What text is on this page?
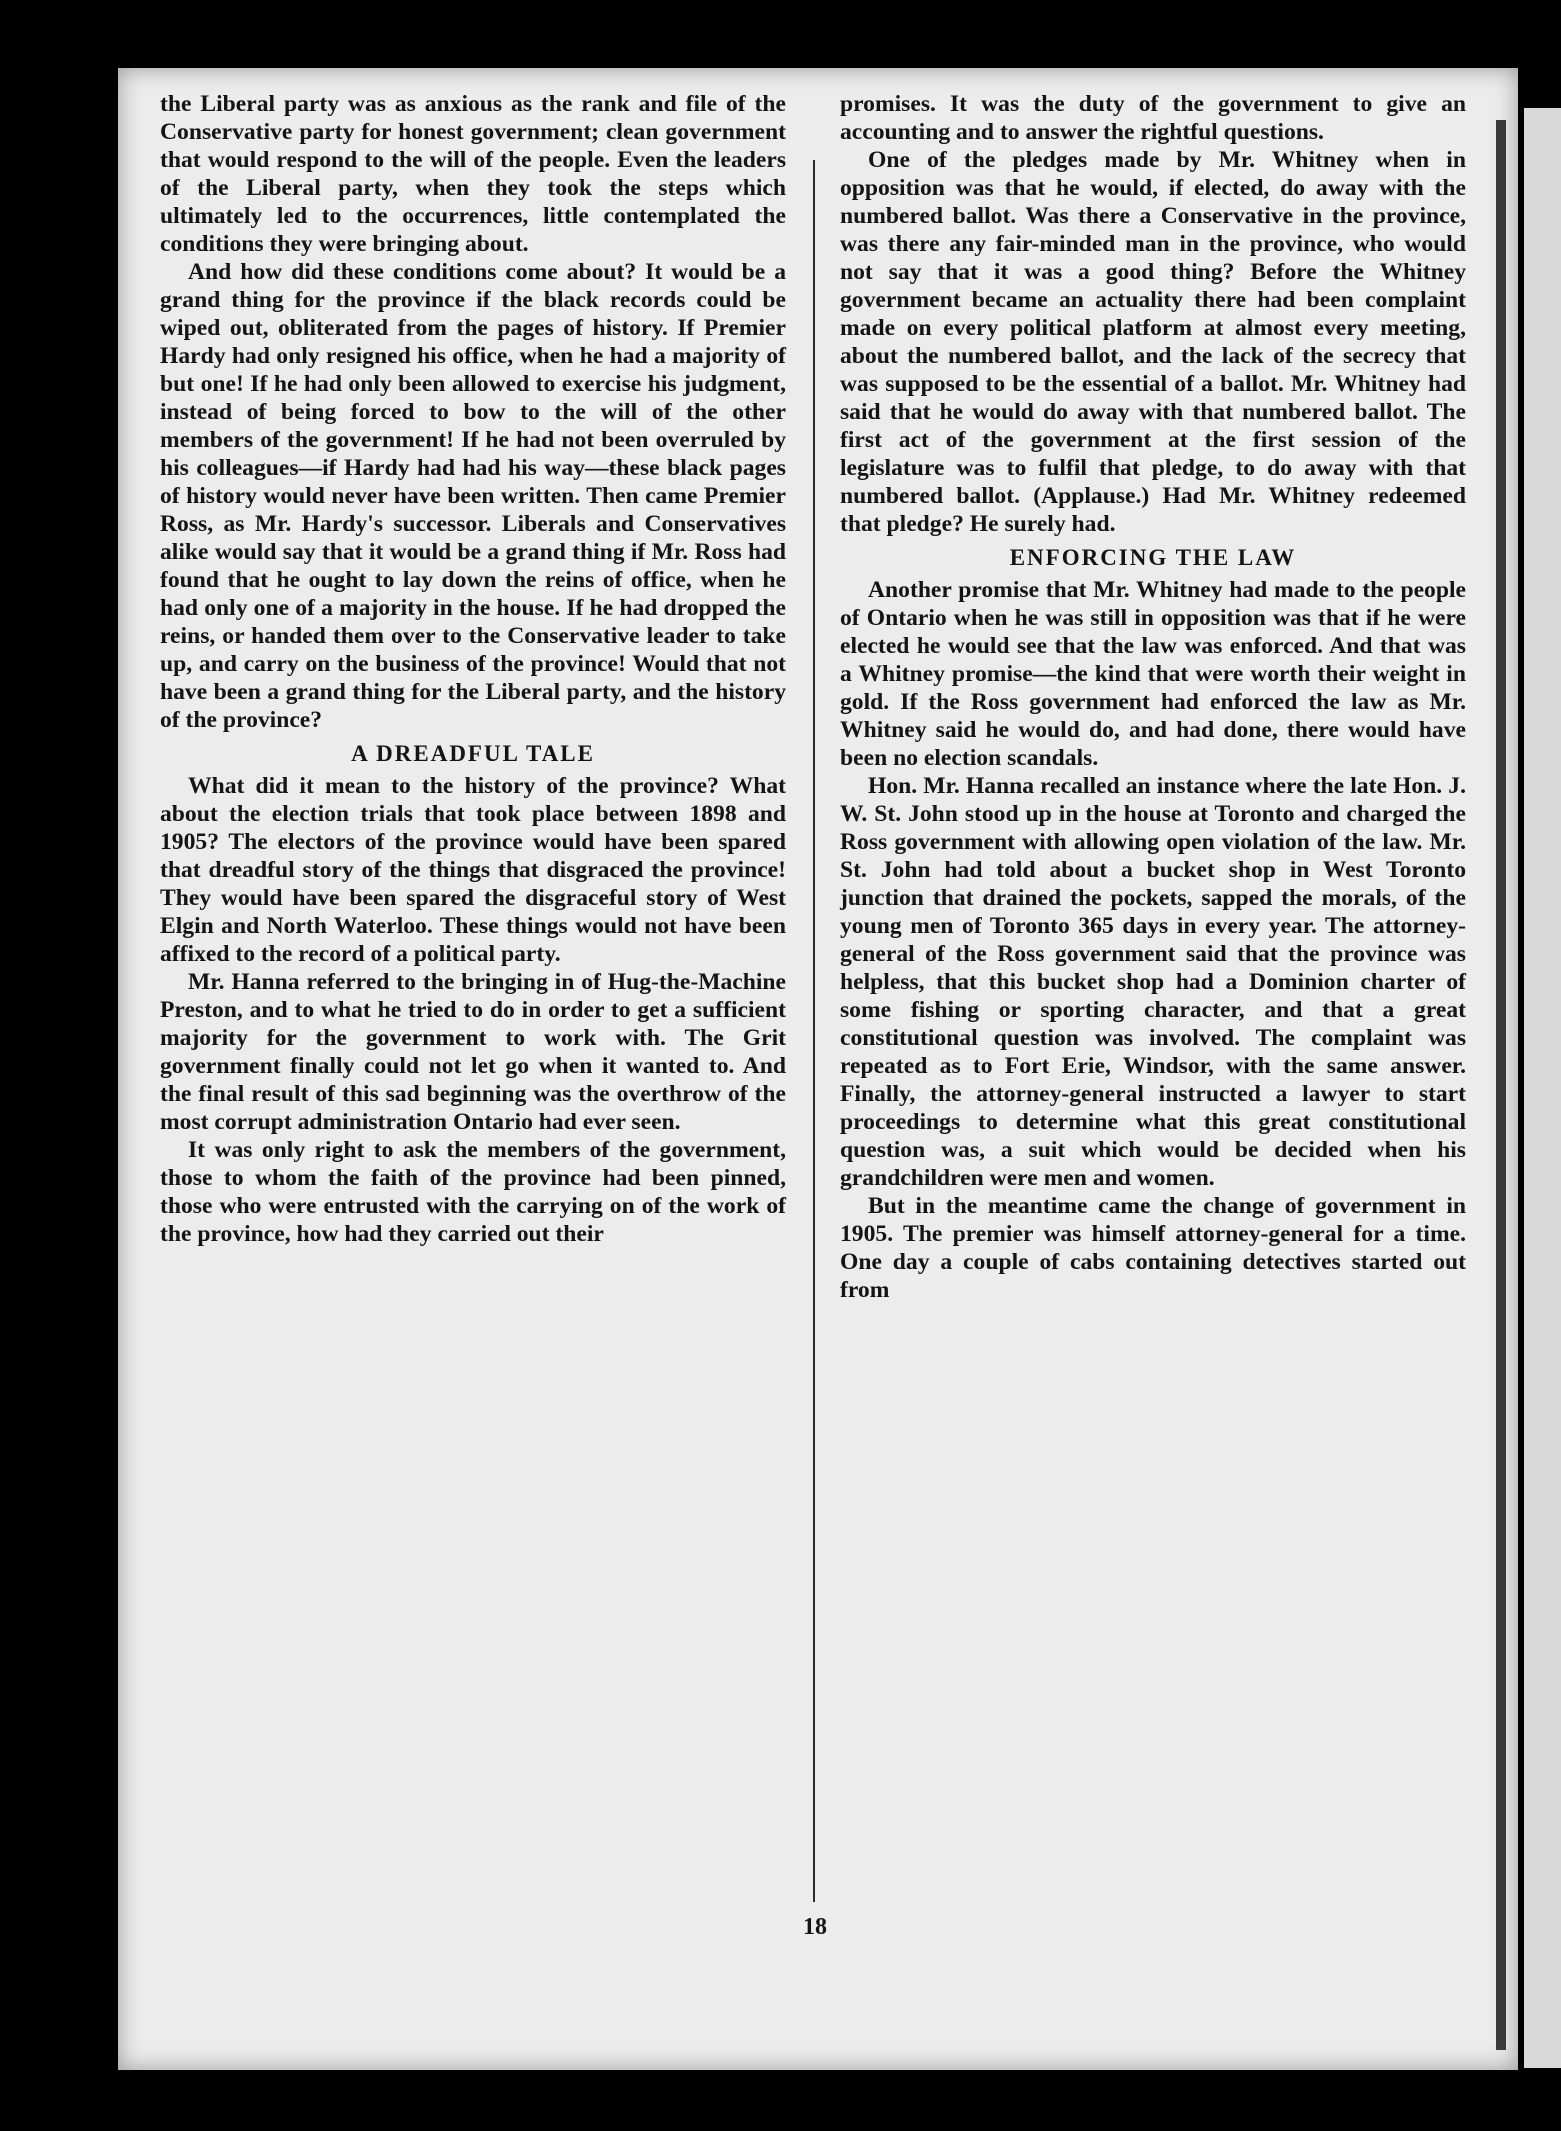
the Liberal party was as anxious as the rank and file of the Conservative party for honest government; clean government that would respond to the will of the people. Even the leaders of the Liberal party, when they took the steps which ultimately led to the occurrences, little contemplated the conditions they were bringing about.

And how did these conditions come about? It would be a grand thing for the province if the black records could be wiped out, obliterated from the pages of history. If Premier Hardy had only resigned his office, when he had a majority of but one! If he had only been allowed to exercise his judgment, instead of being forced to bow to the will of the other members of the government! If he had not been overruled by his colleagues—if Hardy had had his way—these black pages of history would never have been written. Then came Premier Ross, as Mr. Hardy's successor. Liberals and Conservatives alike would say that it would be a grand thing if Mr. Ross had found that he ought to lay down the reins of office, when he had only one of a majority in the house. If he had dropped the reins, or handed them over to the Conservative leader to take up, and carry on the business of the province! Would that not have been a grand thing for the Liberal party, and the history of the province?

A DREADFUL TALE

What did it mean to the history of the province? What about the election trials that took place between 1898 and 1905? The electors of the province would have been spared that dreadful story of the things that disgraced the province! They would have been spared the disgraceful story of West Elgin and North Waterloo. These things would not have been affixed to the record of a political party.

Mr. Hanna referred to the bringing in of Hug-the-Machine Preston, and to what he tried to do in order to get a sufficient majority for the government to work with. The Grit government finally could not let go when it wanted to. And the final result of this sad beginning was the overthrow of the most corrupt administration Ontario had ever seen.

It was only right to ask the members of the government, those to whom the faith of the province had been pinned, those who were entrusted with the carrying on of the work of the province, how had they carried out their

promises. It was the duty of the government to give an accounting and to answer the rightful questions.

One of the pledges made by Mr. Whitney when in opposition was that he would, if elected, do away with the numbered ballot. Was there a Conservative in the province, was there any fair-minded man in the province, who would not say that it was a good thing? Before the Whitney government became an actuality there had been complaint made on every political platform at almost every meeting, about the numbered ballot, and the lack of the secrecy that was supposed to be the essential of a ballot. Mr. Whitney had said that he would do away with that numbered ballot. The first act of the government at the first session of the legislature was to fulfil that pledge, to do away with that numbered ballot. (Applause.) Had Mr. Whitney redeemed that pledge? He surely had.

ENFORCING THE LAW

Another promise that Mr. Whitney had made to the people of Ontario when he was still in opposition was that if he were elected he would see that the law was enforced. And that was a Whitney promise—the kind that were worth their weight in gold. If the Ross government had enforced the law as Mr. Whitney said he would do, and had done, there would have been no election scandals.

Hon. Mr. Hanna recalled an instance where the late Hon. J. W. St. John stood up in the house at Toronto and charged the Ross government with allowing open violation of the law. Mr. St. John had told about a bucket shop in West Toronto junction that drained the pockets, sapped the morals, of the young men of Toronto 365 days in every year. The attorney-general of the Ross government said that the province was helpless, that this bucket shop had a Dominion charter of some fishing or sporting character, and that a great constitutional question was involved. The complaint was repeated as to Fort Erie, Windsor, with the same answer. Finally, the attorney-general instructed a lawyer to start proceedings to determine what this great constitutional question was, a suit which would be decided when his grandchildren were men and women.

But in the meantime came the change of government in 1905. The premier was himself attorney-general for a time. One day a couple of cabs containing detectives started out from

18
